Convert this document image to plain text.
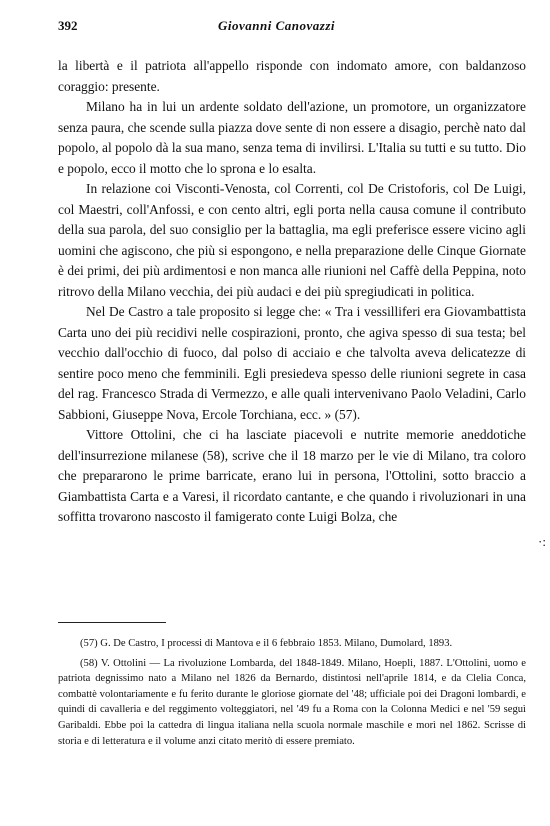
392	Giovanni Canovazzi

la libertà e il patriota all'appello risponde con indomato amore, con baldanzoso coraggio: presente.

Milano ha in lui un ardente soldato dell'azione, un promotore, un organizzatore senza paura, che scende sulla piazza dove sente di non essere a disagio, perchè nato dal popolo, al popolo dà la sua mano, senza tema di invilirsi. L'Italia su tutti e su tutto. Dio e popolo, ecco il motto che lo sprona e lo esalta.

In relazione coi Visconti-Venosta, col Correnti, col De Cristoforis, col De Luigi, col Maestri, coll'Anfossi, e con cento altri, egli porta nella causa comune il contributo della sua parola, del suo consiglio per la battaglia, ma egli preferisce essere vicino agli uomini che agiscono, che più si espongono, e nella preparazione delle Cinque Giornate è dei primi, dei più ardimentosi e non manca alle riunioni nel Caffè della Peppina, noto ritrovo della Milano vecchia, dei più audaci e dei più spregiudicati in politica.

Nel De Castro a tale proposito si legge che: « Tra i vessilliferi era Giovambattista Carta uno dei più recidivi nelle cospirazioni, pronto, che agiva spesso di sua testa; bel vecchio dall'occhio di fuoco, dal polso di acciaio e che talvolta aveva delicatezze di sentire poco meno che femminili. Egli presiedeva spesso delle riunioni segrete in casa del rag. Francesco Strada di Vermezzo, e alle quali intervenivano Paolo Veladini, Carlo Sabbioni, Giuseppe Nova, Ercole Torchiana, ecc. » (57).

Vittore Ottolini, che ci ha lasciate piacevoli e nutrite memorie aneddotiche dell'insurrezione milanese (58), scrive che il 18 marzo per le vie di Milano, tra coloro che prepararono le prime barricate, erano lui in persona, l'Ottolini, sotto braccio a Giambattista Carta e a Varesi, il ricordato cantante, e che quando i rivoluzionari in una soffitta trovarono nascosto il famigerato conte Luigi Bolza, che

·:

(57) G. De Castro, I processi di Mantova e il 6 febbraio 1853. Milano, Dumolard, 1893.

(58) V. Ottolini — La rivoluzione Lombarda, del 1848-1849. Milano, Hoepli, 1887. L'Ottolini, uomo e patriota degnissimo nato a Milano nel 1826 da Bernardo, distintosi nell'aprile 1814, e da Clelia Conca, combattè volontariamente e fu ferito durante le gloriose giornate del '48; ufficiale poi dei Dragoni lombardi, e quindi di cavalleria e del reggimento volteggiatori, nel '49 fu a Roma con la Colonna Medici e nel '59 seguì Garibaldi. Ebbe poi la cattedra di lingua italiana nella scuola normale maschile e morì nel 1862. Scrisse di storia e di letteratura e il volume anzi citato meritò di essere premiato.
